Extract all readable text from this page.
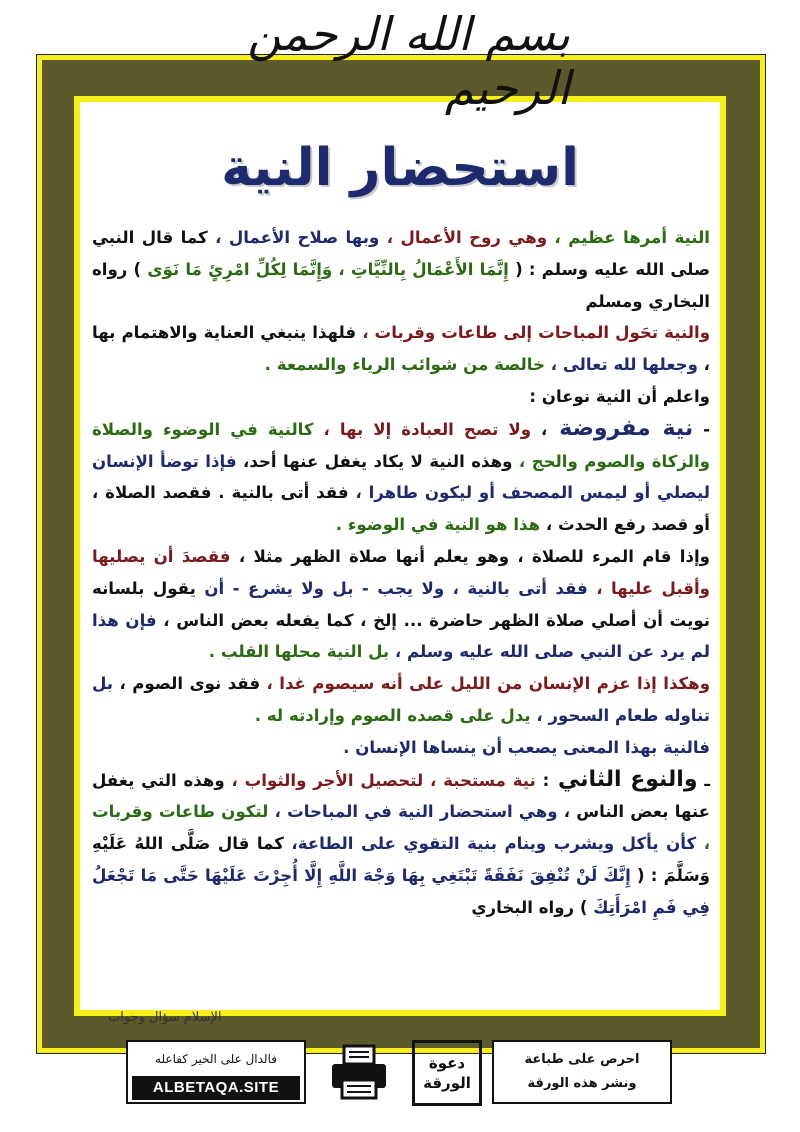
بسم الله الرحمن الرحيم
استحضار النية

النية أمرها عظيم ، وهي روح الأعمال ، وبها صلاح الأعمال ، كما قال النبي صلى الله عليه وسلم : ( إِنَّمَا الأَعْمَالُ بِالنِّيَّاتِ ، وَإِنَّمَا لِكُلِّ امْرِئٍ مَا نَوَى ) رواه البخاري ومسلم

والنية تحَول المباحات إلى طاعات وقربات ، فلهذا ينبغي العناية والاهتمام بها ، وجعلها لله تعالى ، خالصة من شوائب الرياء والسمعة .

واعلم أن النية نوعان :

- نية مفروضة ، ولا تصح العبادة إلا بها ، كالنية في الوضوء والصلاة والزكاة والصوم والحج ، وهذه النية لا يكاد يغفل عنها أحد، فإذا توضأ الإنسان ليصلي أو ليمس المصحف أو ليكون طاهرا ، فقد أتى بالنية . فقصد الصلاة ، أو قصد رفع الحدث ، هذا هو النية في الوضوء .

وإذا قام المرء للصلاة ، وهو يعلم أنها صلاة الظهر مثلا ، فقصدَ أن يصليها وأقبل عليها ، فقد أتى بالنية ، ولا يجب - بل ولا يشرع - أن يقول بلسانه نويت أن أصلي صلاة الظهر حاضرة ... إلخ ، كما يفعله بعض الناس ، فإن هذا لم يرد عن النبي صلى الله عليه وسلم ، بل النية محلها القلب .

وهكذا إذا عزم الإنسان من الليل على أنه سيصوم غدا ، فقد نوى الصوم ، بل تناوله طعام السحور ، يدل على قصده الصوم وإرادته له .

فالنية بهذا المعنى يصعب أن ينساها الإنسان .

ـ والنوع الثاني : نية مستحبة ، لتحصيل الأجر والثواب ، وهذه التي يغفل عنها بعض الناس ، وهي استحضار النية في المباحات ، لتكون طاعات وقربات ، كأن يأكل ويشرب وينام بنية التقوي على الطاعة، كما قال صَلَّى اللهُ عَلَيْهِ وَسَلَّمَ : ( إِنَّكَ لَنْ تُنْفِقَ نَفَقَةً تَبْتَغِي بِهَا وَجْهَ اللَّهِ إِلَّا أُجِرْتَ عَلَيْهَا حَتَّى مَا تَجْعَلُ فِي فَمِ امْرَأَتِكَ ) رواه البخاري

الإسلام سؤال وجواب
فالدال على الخير كفاعله
ALBETAQA.SITE
دعوة
الورقة
احرص على طباعة
ونشر هذه الورقة
